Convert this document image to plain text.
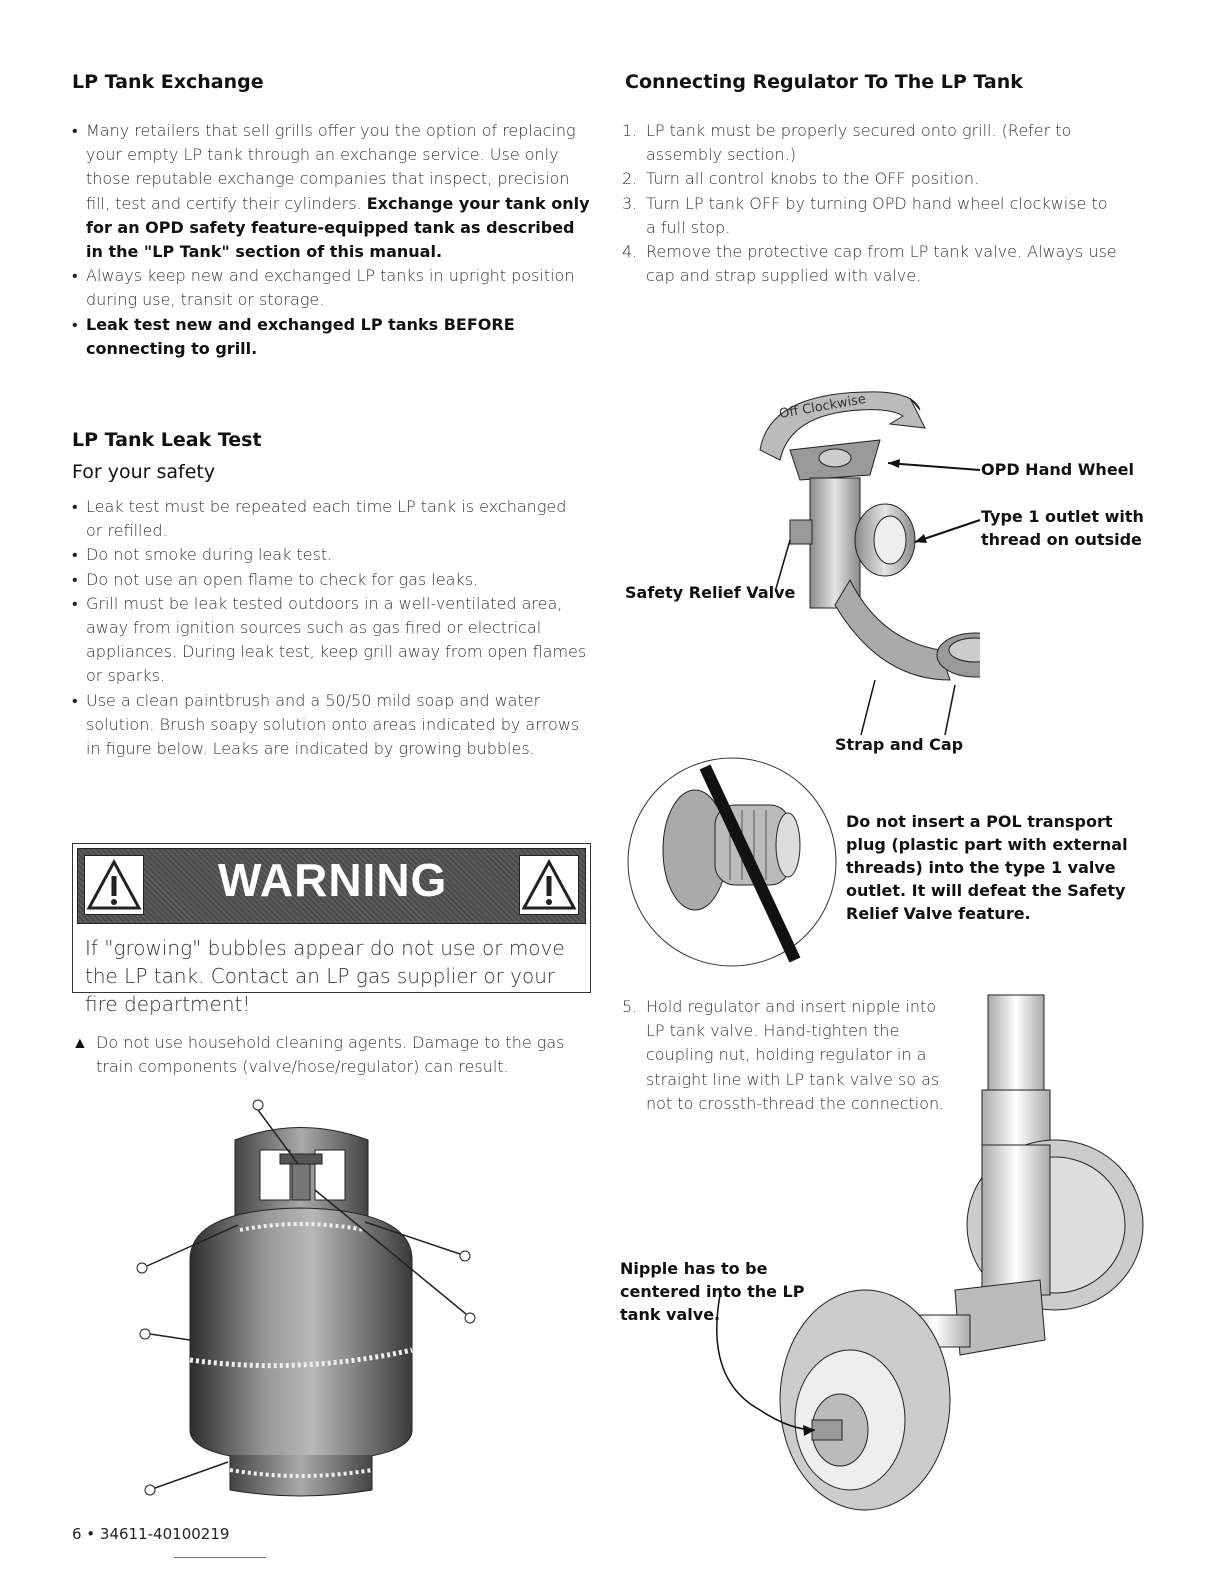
LP Tank Exchange
• Many retailers that sell grills offer you the option of replacing your empty LP tank through an exchange service. Use only those reputable exchange companies that inspect, precision fill, test and certify their cylinders. Exchange your tank only for an OPD safety feature-equipped tank as described in the "LP Tank" section of this manual.
• Always keep new and exchanged LP tanks in upright position during use, transit or storage.
• Leak test new and exchanged LP tanks BEFORE connecting to grill.
LP Tank Leak Test
For your safety
• Leak test must be repeated each time LP tank is exchanged or refilled.
• Do not smoke during leak test.
• Do not use an open flame to check for gas leaks.
• Grill must be leak tested outdoors in a well-ventilated area, away from ignition sources such as gas fired or electrical appliances. During leak test, keep grill away from open flames or sparks.
• Use a clean paintbrush and a 50/50 mild soap and water solution. Brush soapy solution onto areas indicated by arrows in figure below. Leaks are indicated by growing bubbles.
WARNING
If "growing" bubbles appear do not use or move the LP tank. Contact an LP gas supplier or your fire department!
▲ Do not use household cleaning agents. Damage to the gas train components (valve/hose/regulator) can result.
6 • 34611-40100219
Connecting Regulator To The LP Tank
1. LP tank must be properly secured onto grill. (Refer to assembly section.)
2. Turn all control knobs to the OFF position.
3. Turn LP tank OFF by turning OPD hand wheel clockwise to a full stop.
4. Remove the protective cap from LP tank valve. Always use cap and strap supplied with valve.
Off Clockwise
OPD Hand Wheel
Type 1 outlet with thread on outside
Safety Relief Valve
Strap and Cap
Do not insert a POL transport plug (plastic part with external threads) into the type 1 valve outlet. It will defeat the Safety Relief Valve feature.
5. Hold regulator and insert nipple into LP tank valve. Hand-tighten the coupling nut, holding regulator in a straight line with LP tank valve so as not to crossth-thread the connection.
Nipple has to be centered into the LP tank valve.
